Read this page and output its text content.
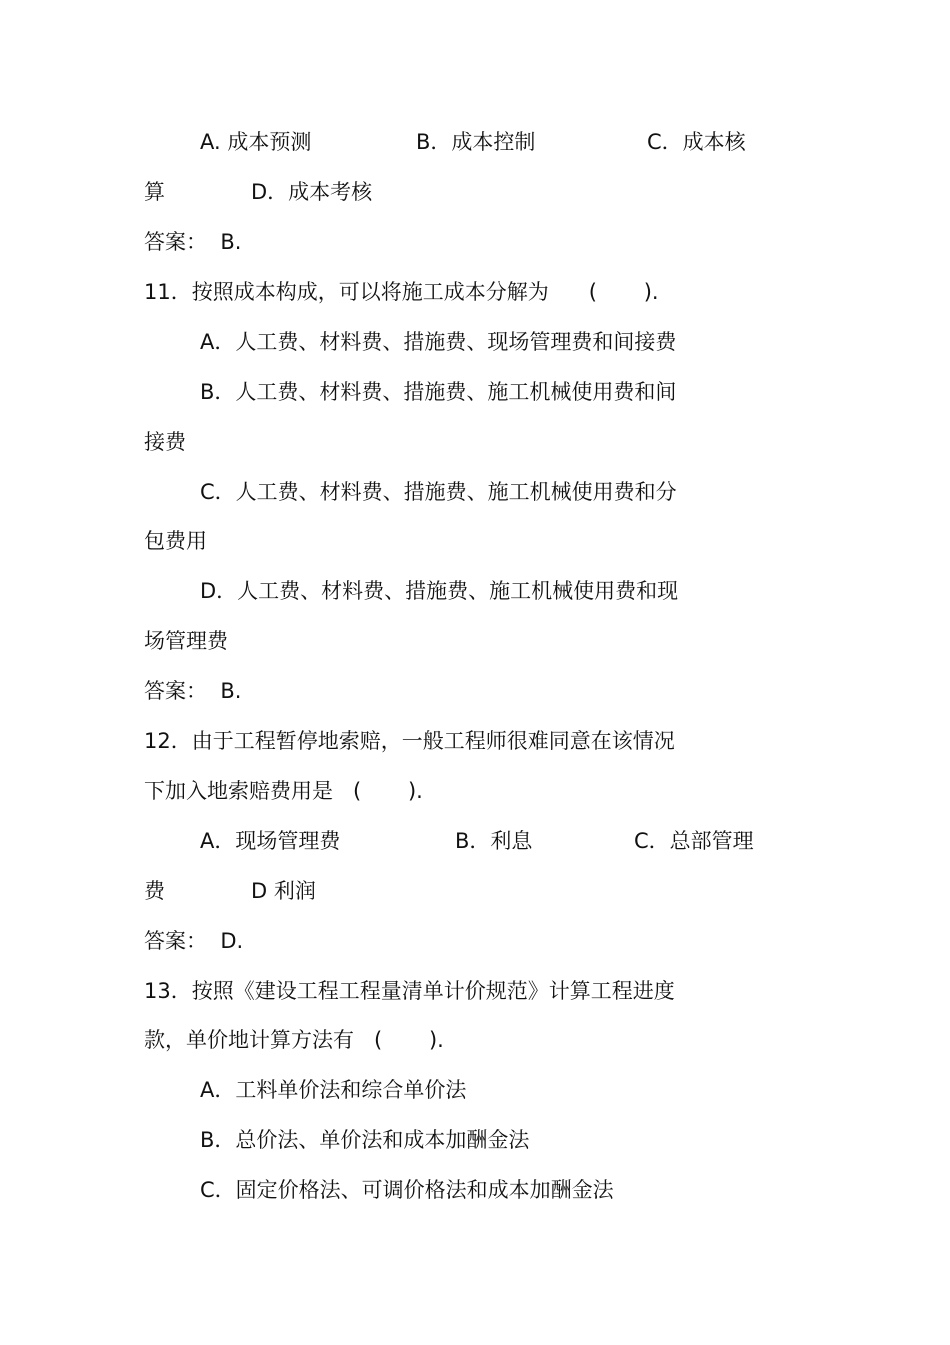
A. 成本预测	B．成本控制	C．成本核
算	D．成本考核
答案：  B.
11．按照成本构成，可以将施工成本分解为      (       ).
A．人工费、材料费、措施费、现场管理费和间接费
B．人工费、材料费、措施费、施工机械使用费和间
接费
C．人工费、材料费、措施费、施工机械使用费和分
包费用
D．人工费、材料费、措施费、施工机械使用费和现
场管理费
答案：  B.
12．由于工程暂停地索赔，一般工程师很难同意在该情况
下加入地索赔费用是   (       ).
A．现场管理费	B．利息	C．总部管理
费	D 利润
答案：  D.
13．按照《建设工程工程量清单计价规范》计算工程进度
款，单价地计算方法有   (       ).
A．工料单价法和综合单价法
B．总价法、单价法和成本加酬金法
C．固定价格法、可调价格法和成本加酬金法
